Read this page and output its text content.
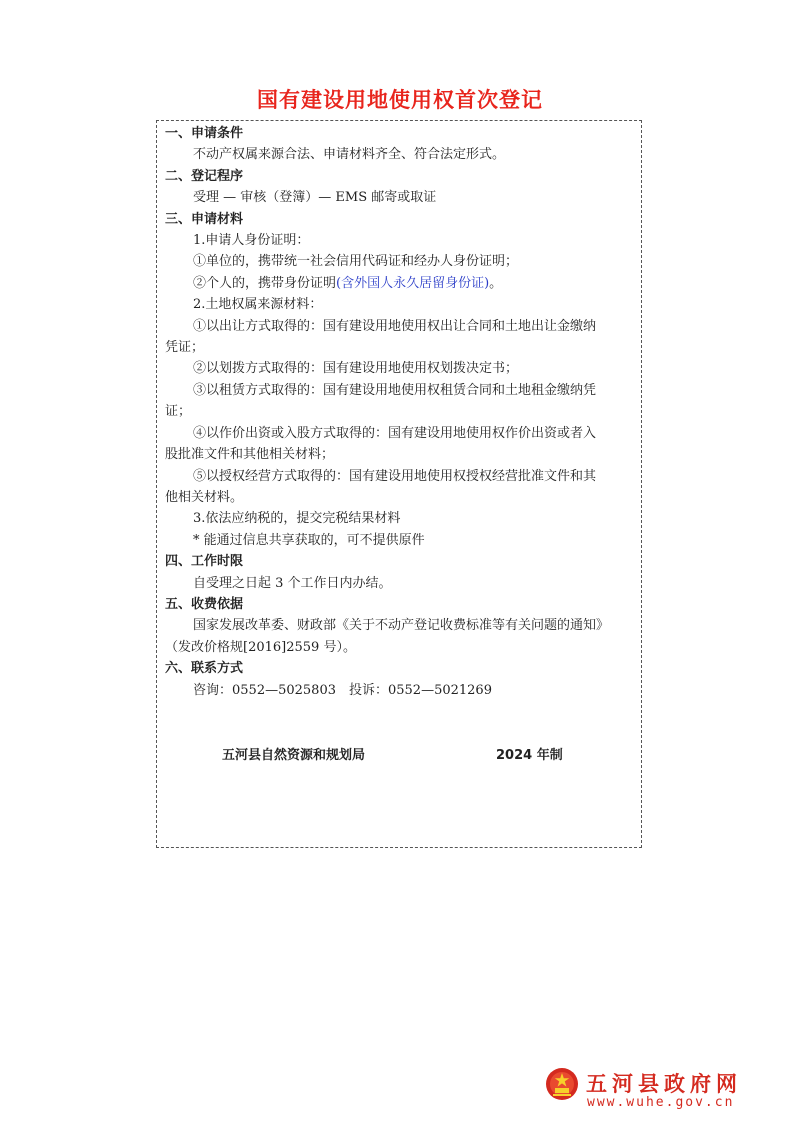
国有建设用地使用权首次登记
一、申请条件
不动产权属来源合法、申请材料齐全、符合法定形式。
二、登记程序
受理 — 审核（登簿）— EMS 邮寄或取证
三、申请材料
1.申请人身份证明：
①单位的，携带统一社会信用代码证和经办人身份证明；
②个人的，携带身份证明(含外国人永久居留身份证)。
2.土地权属来源材料：
①以出让方式取得的：国有建设用地使用权出让合同和土地出让金缴纳
凭证；
②以划拨方式取得的：国有建设用地使用权划拨决定书；
③以租赁方式取得的：国有建设用地使用权租赁合同和土地租金缴纳凭
证；
④以作价出资或入股方式取得的：国有建设用地使用权作价出资或者入
股批准文件和其他相关材料；
⑤以授权经营方式取得的：国有建设用地使用权授权经营批准文件和其
他相关材料。
3.依法应纳税的，提交完税结果材料
* 能通过信息共享获取的，可不提供原件
四、工作时限
自受理之日起 3 个工作日内办结。
五、收费依据
国家发展改革委、财政部《关于不动产登记收费标准等有关问题的通知》
（发改价格规[2016]2559 号）。
六、联系方式
咨询：0552—5025803　投诉：0552—5021269
五河县自然资源和规划局	2024 年制
五河县政府网
www.wuhe.gov.cn
